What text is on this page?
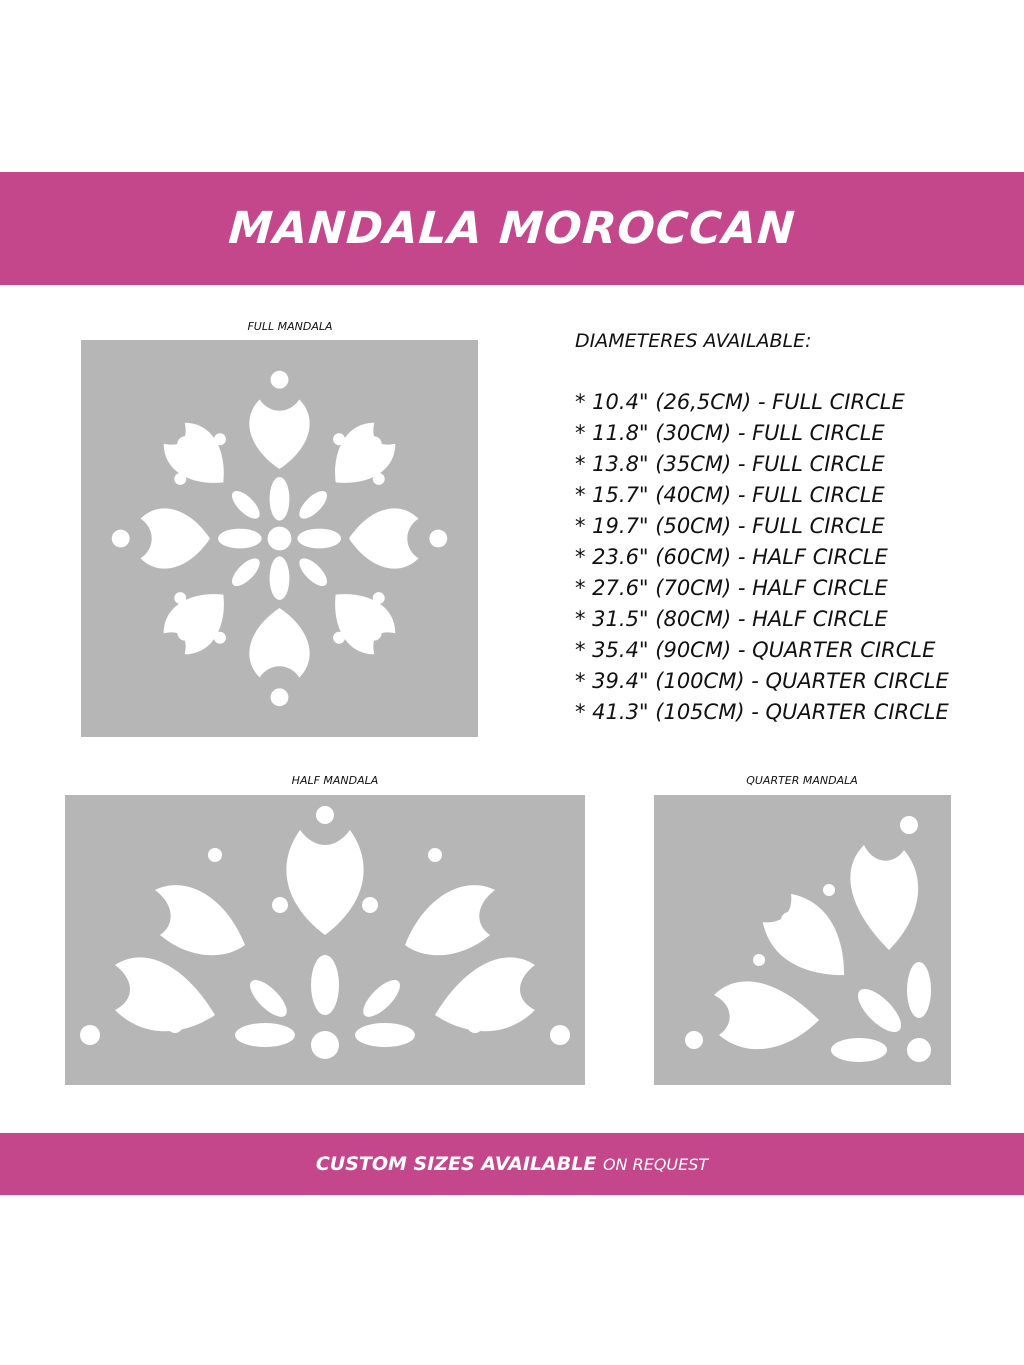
MANDALA MOROCCAN
FULL MANDALA
DIAMETERES AVAILABLE:
* 10.4" (26,5CM) - FULL CIRCLE
* 11.8" (30CM) - FULL CIRCLE
* 13.8" (35CM) - FULL CIRCLE
* 15.7" (40CM) - FULL CIRCLE
* 19.7" (50CM) - FULL CIRCLE
* 23.6" (60CM) - HALF CIRCLE
* 27.6" (70CM) - HALF CIRCLE
* 31.5" (80CM) - HALF CIRCLE
* 35.4" (90CM) - QUARTER CIRCLE
* 39.4" (100CM) - QUARTER CIRCLE
* 41.3" (105CM) - QUARTER CIRCLE
HALF MANDALA	QUARTER MANDALA
CUSTOM SIZES AVAILABLE ON REQUEST
